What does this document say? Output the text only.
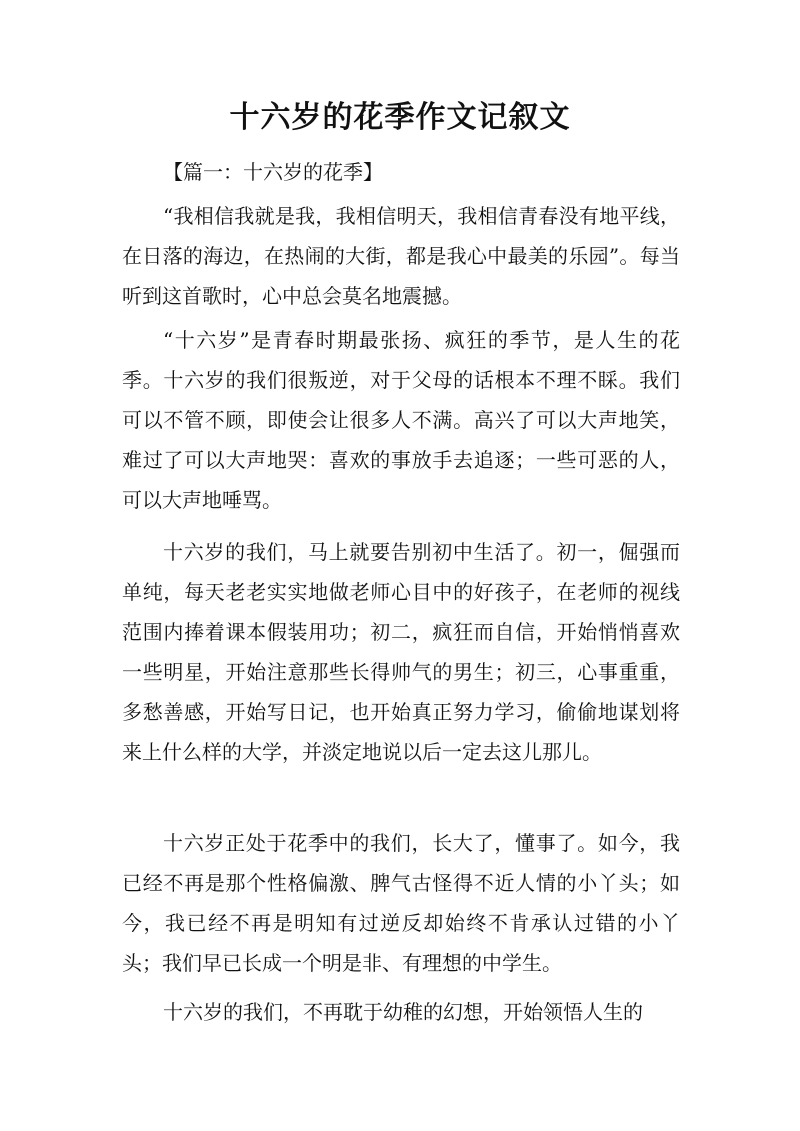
十六岁的花季作文记叙文

【篇一：十六岁的花季】

“我相信我就是我，我相信明天，我相信青春没有地平线，在日落的海边，在热闹的大街，都是我心中最美的乐园”。每当听到这首歌时，心中总会莫名地震撼。

“十六岁”是青春时期最张扬、疯狂的季节，是人生的花季。十六岁的我们很叛逆，对于父母的话根本不理不睬。我们可以不管不顾，即使会让很多人不满。高兴了可以大声地笑，难过了可以大声地哭：喜欢的事放手去追逐；一些可恶的人，可以大声地唾骂。

十六岁的我们，马上就要告别初中生活了。初一，倔强而单纯，每天老老实实地做老师心目中的好孩子，在老师的视线范围内捧着课本假装用功；初二，疯狂而自信，开始悄悄喜欢一些明星，开始注意那些长得帅气的男生；初三，心事重重，多愁善感，开始写日记，也开始真正努力学习，偷偷地谋划将来上什么样的大学，并淡定地说以后一定去这儿那儿。

十六岁正处于花季中的我们，长大了，懂事了。如今，我已经不再是那个性格偏激、脾气古怪得不近人情的小丫头；如今，我已经不再是明知有过逆反却始终不肯承认过错的小丫头；我们早已长成一个明是非、有理想的中学生。

十六岁的我们，不再耽于幼稚的幻想，开始领悟人生的
